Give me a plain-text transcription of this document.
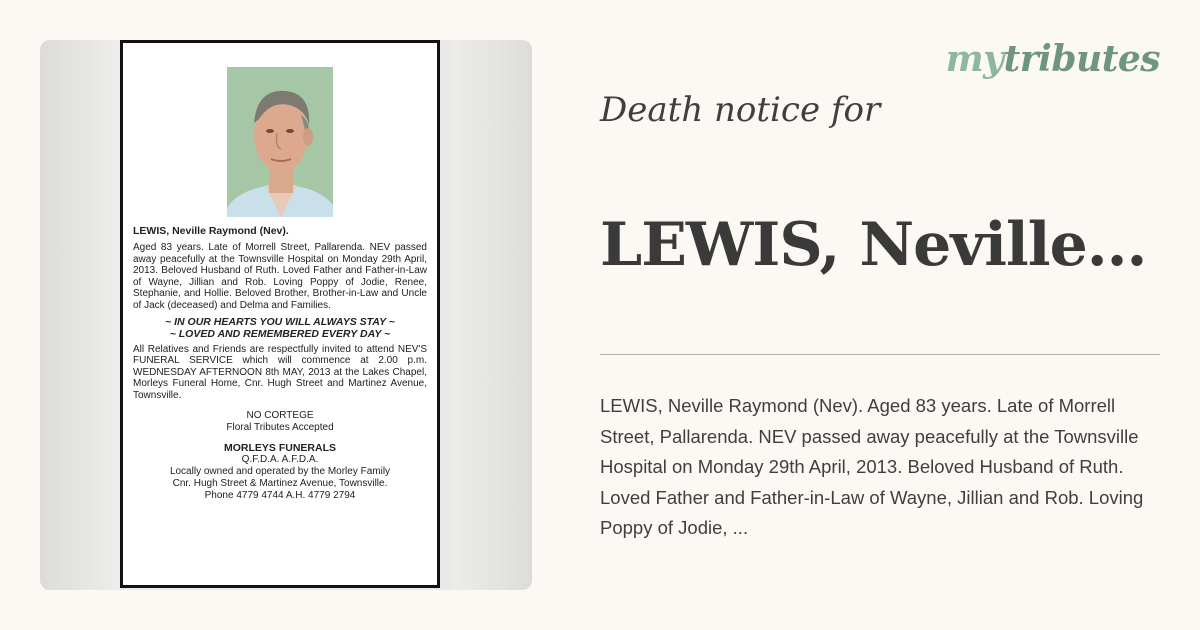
LEWIS, Neville Raymond (Nev).

Aged 83 years. Late of Morrell Street, Pallarenda. NEV passed away peacefully at the Townsville Hospital on Monday 29th April, 2013. Beloved Husband of Ruth. Loved Father and Father-in-Law of Wayne, Jillian and Rob. Loving Poppy of Jodie, Renee, Stephanie, and Hollie. Beloved Brother, Brother-in-Law and Uncle of Jack (deceased) and Delma and Families.

~ IN OUR HEARTS YOU WILL ALWAYS STAY ~
~ LOVED AND REMEMBERED EVERY DAY ~

All Relatives and Friends are respectfully invited to attend NEV'S FUNERAL SERVICE which will commence at 2.00 p.m. WEDNESDAY AFTERNOON 8th MAY, 2013 at the Lakes Chapel, Morleys Funeral Home, Cnr. Hugh Street and Martinez Avenue, Townsville.

NO CORTEGE
Floral Tributes Accepted
MORLEYS FUNERALS
Q.F.D.A. A.F.D.A.
Locally owned and operated by the Morley Family
Cnr. Hugh Street & Martinez Avenue, Townsville.
Phone 4779 4744 A.H. 4779 2794
mytributes
Death notice for
LEWIS, Neville...
LEWIS, Neville Raymond (Nev). Aged 83 years. Late of Morrell Street, Pallarenda. NEV passed away peacefully at the Townsville Hospital on Monday 29th April, 2013. Beloved Husband of Ruth. Loved Father and Father-in-Law of Wayne, Jillian and Rob. Loving Poppy of Jodie, ...
